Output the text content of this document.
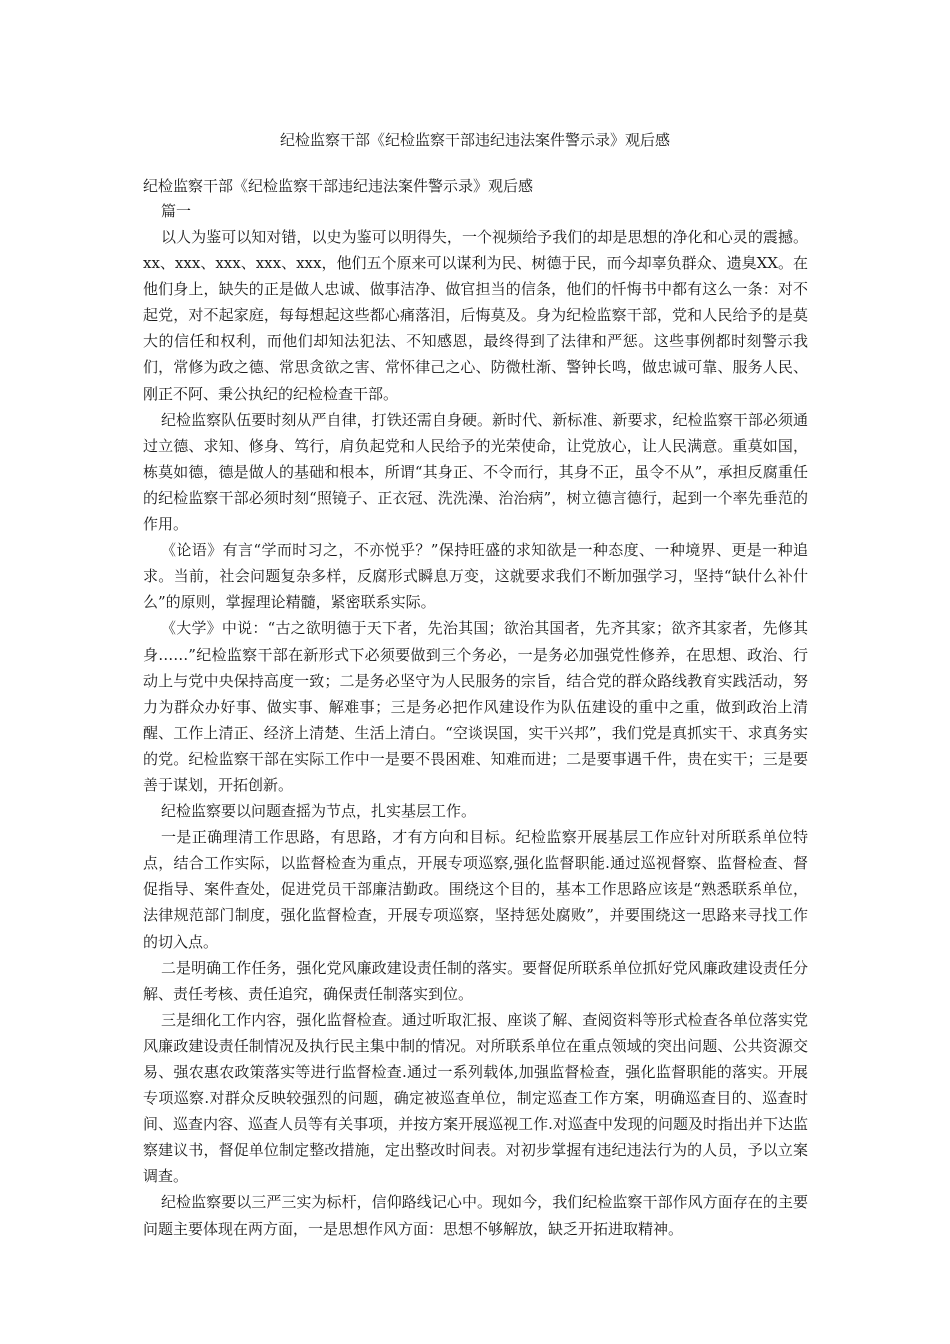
纪检监察干部《纪检监察干部违纪违法案件警示录》观后感
纪检监察干部《纪检监察干部违纪违法案件警示录》观后感
篇一

以人为鉴可以知对错，以史为鉴可以明得失，一个视频给予我们的却是思想的净化和心灵的震撼。xx、xxx、xxx、xxx、xxx，他们五个原来可以谋利为民、树德于民，而今却辜负群众、遗臭XX。在他们身上，缺失的正是做人忠诚、做事洁净、做官担当的信条，他们的忏悔书中都有这么一条：对不起党，对不起家庭，每每想起这些都心痛落泪，后悔莫及。身为纪检监察干部，党和人民给予的是莫大的信任和权利，而他们却知法犯法、不知感恩，最终得到了法律和严惩。这些事例都时刻警示我们，常修为政之德、常思贪欲之害、常怀律己之心、防微杜渐、警钟长鸣，做忠诚可靠、服务人民、刚正不阿、秉公执纪的纪检检查干部。

纪检监察队伍要时刻从严自律，打铁还需自身硬。新时代、新标准、新要求，纪检监察干部必须通过立德、求知、修身、笃行，肩负起党和人民给予的光荣使命，让党放心，让人民满意。重莫如国，栋莫如德，德是做人的基础和根本，所谓“其身正、不令而行，其身不正，虽令不从”，承担反腐重任的纪检监察干部必须时刻“照镜子、正衣冠、洗洗澡、治治病”，树立德言德行，起到一个率先垂范的作用。

《论语》有言“学而时习之，不亦悦乎？”保持旺盛的求知欲是一种态度、一种境界、更是一种追求。当前，社会问题复杂多样，反腐形式瞬息万变，这就要求我们不断加强学习，坚持“缺什么补什么”的原则，掌握理论精髓，紧密联系实际。

《大学》中说：“古之欲明德于天下者，先治其国；欲治其国者，先齐其家；欲齐其家者，先修其身……”纪检监察干部在新形式下必须要做到三个务必，一是务必加强党性修养，在思想、政治、行动上与党中央保持高度一致；二是务必坚守为人民服务的宗旨，结合党的群众路线教育实践活动，努力为群众办好事、做实事、解难事；三是务必把作风建设作为队伍建设的重中之重，做到政治上清醒、工作上清正、经济上清楚、生活上清白。“空谈误国，实干兴邦”，我们党是真抓实干、求真务实的党。纪检监察干部在实际工作中一是要不畏困难、知难而进；二是要事遇千件，贵在实干；三是要善于谋划，开拓创新。

纪检监察要以问题查摇为节点，扎实基层工作。

一是正确理清工作思路，有思路，才有方向和目标。纪检监察开展基层工作应针对所联系单位特点，结合工作实际，以监督检查为重点，开展专项巡察,强化监督职能.通过巡视督察、监督检查、督促指导、案件查处，促进党员干部廉洁勤政。围绕这个目的，基本工作思路应该是“熟悉联系单位，法律规范部门制度，强化监督检查，开展专项巡察，坚持惩处腐败”，并要围绕这一思路来寻找工作的切入点。

二是明确工作任务，强化党风廉政建设责任制的落实。要督促所联系单位抓好党风廉政建设责任分解、责任考核、责任追究，确保责任制落实到位。

三是细化工作内容，强化监督检查。通过听取汇报、座谈了解、查阅资料等形式检查各单位落实党风廉政建设责任制情况及执行民主集中制的情况。对所联系单位在重点领域的突出问题、公共资源交易、强农惠农政策落实等进行监督检查.通过一系列载体,加强监督检查，强化监督职能的落实。开展专项巡察.对群众反映较强烈的问题，确定被巡查单位，制定巡查工作方案，明确巡查目的、巡查时间、巡查内容、巡查人员等有关事项，并按方案开展巡视工作.对巡查中发现的问题及时指出并下达监察建议书，督促单位制定整改措施，定出整改时间表。对初步掌握有违纪违法行为的人员，予以立案调查。

纪检监察要以三严三实为标杆，信仰路线记心中。现如今，我们纪检监察干部作风方面存在的主要问题主要体现在两方面，一是思想作风方面：思想不够解放，缺乏开拓进取精神。
